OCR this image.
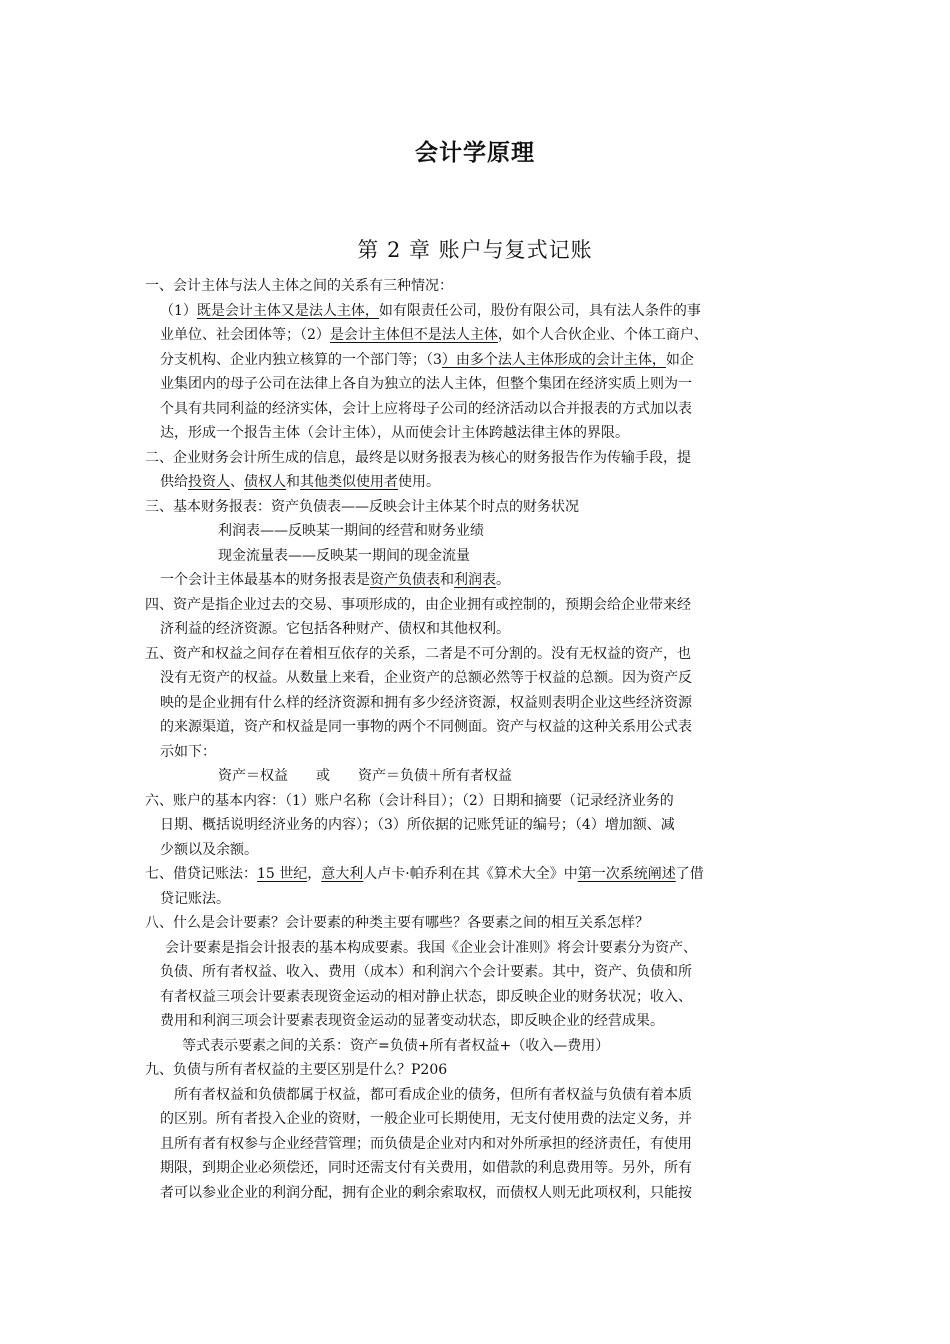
会计学原理
第 2 章 账户与复式记账
一、会计主体与法人主体之间的关系有三种情况：
（1）既是会计主体又是法人主体，如有限责任公司，股份有限公司，具有法人条件的事
业单位、社会团体等；（2）是会计主体但不是法人主体，如个人合伙企业、个体工商户、
分支机构、企业内独立核算的一个部门等；（3）由多个法人主体形成的会计主体，如企
业集团内的母子公司在法律上各自为独立的法人主体，但整个集团在经济实质上则为一
个具有共同利益的经济实体，会计上应将母子公司的经济活动以合并报表的方式加以表
达，形成一个报告主体（会计主体），从而使会计主体跨越法律主体的界限。
二、企业财务会计所生成的信息，最终是以财务报表为核心的财务报告作为传输手段，提
供给投资人、债权人和其他类似使用者使用。
三、基本财务报表：资产负债表——反映会计主体某个时点的财务状况
利润表——反映某一期间的经营和财务业绩
现金流量表——反映某一期间的现金流量
一个会计主体最基本的财务报表是资产负债表和利润表。
四、资产是指企业过去的交易、事项形成的，由企业拥有或控制的，预期会给企业带来经
济利益的经济资源。它包括各种财产、债权和其他权利。
五、资产和权益之间存在着相互依存的关系，二者是不可分割的。没有无权益的资产，也
没有无资产的权益。从数量上来看，企业资产的总额必然等于权益的总额。因为资产反
映的是企业拥有什么样的经济资源和拥有多少经济资源，权益则表明企业这些经济资源
的来源渠道，资产和权益是同一事物的两个不同侧面。资产与权益的这种关系用公式表
示如下：
资产＝权益　　或　　资产＝负债＋所有者权益
六、账户的基本内容：（1）账户名称（会计科目）；（2）日期和摘要（记录经济业务的
日期、概括说明经济业务的内容）；（3）所依据的记账凭证的编号；（4）增加额、减
少额以及余额。
七、借贷记账法：15 世纪，意大利人卢卡·帕乔利在其《算术大全》中第一次系统阐述了借
贷记账法。
八、什么是会计要素？会计要素的种类主要有哪些？各要素之间的相互关系怎样？
会计要素是指会计报表的基本构成要素。我国《企业会计准则》将会计要素分为资产、
负债、所有者权益、收入、费用（成本）和利润六个会计要素。其中，资产、负债和所
有者权益三项会计要素表现资金运动的相对静止状态，即反映企业的财务状况；收入、
费用和利润三项会计要素表现资金运动的显著变动状态，即反映企业的经营成果。
等式表示要素之间的关系：资产=负债+所有者权益+（收入—费用）
九、负债与所有者权益的主要区别是什么？P206
　所有者权益和负债都属于权益，都可看成企业的债务，但所有者权益与负债有着本质
的区别。所有者投入企业的资财，一般企业可长期使用，无支付使用费的法定义务，并
且所有者有权参与企业经营管理；而负债是企业对内和对外所承担的经济责任，有使用
期限，到期企业必须偿还，同时还需支付有关费用，如借款的利息费用等。另外，所有
者可以参业企业的利润分配，拥有企业的剩余索取权，而债权人则无此项权利，只能按
